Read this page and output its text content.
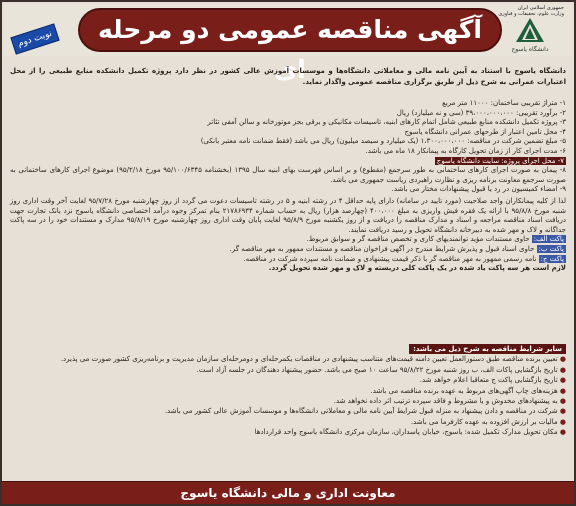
جمهوری اسلامی ایران
وزارت علوم، تحقیقات و فناوری
دانشگاه یاسوج
آگهی مناقصه عمومی دو مرحله ای
نوبت دوم
دانشگاه یاسوج با استناد به آیین نامه مالی و معاملاتی دانشگاه‌ها و موسسات آموزش عالی کشور در نظر دارد پروژه تکمیل دانشکده منابع طبیعی را از محل اعتبارات عمرانی به شرح ذیل از طریق برگزاری مناقصه عمومی واگذار نماید.
۱- متراژ تقریبی ساختمان: ۱۱۰۰۰ متر مربع
۲- برآورد تقریبی: ۳۹،۰۰۰،۰۰۰،۰۰۰ (سی و نه میلیارد) ریال
۳- پروژه تکمیل دانشکده منابع طبیعی شامل اتمام کارهای ابنیه، تاسیسات مکانیکی و برقی بجز موتورخانه و سالن آمفی تئاتر
۴- محل تامین اعتبار از طرحهای عمرانی دانشگاه یاسوج
۵- مبلغ تضمین شرکت در مناقصه: ۱،۳۰۰،۰۰۰،۰۰۰ (یک میلیارد و سیصد میلیون) ریال می باشد (فقط ضمانت نامه معتبر بانکی)
۶- مدت اجرای کار از زمان تحویل کارگاه به پیمانکار ۱۸ ماه می باشد.
۷- محل اجرای پروژه: سایت دانشگاه یاسوج
۸- پیمان به صورت اجرای کارهای ساختمانی به طور سرجمع (مقطوع) و بر اساس فهرست بهای ابنیه سال ۱۳۹۵ (بخشنامه ۹۵/۱۰۰/۶۳۴۵ مورخ ۹۵/۲/۱۸) موضوع اجرای کارهای ساختمانی به صورت سرجمع معاونت برنامه ریزی و نظارت راهبردی ریاست جمهوری می باشد.
۹- امضاء کمیسیون در رد یا قبول پیشنهادات مختار می باشد.
لذا از کلیه پیمانکاران واجد صلاحیت (مورد تایید در سامانه) دارای پایه حداقل ۴ در رشته ابنیه و ۵ در رشته تاسیسات دعوت می گردد از روز چهارشنبه مورخ ۹۵/۷/۲۸ لغایت آخر وقت اداری روز شنبه مورخ ۹۵/۸/۸ با ارائه یک فقره فیش واریزی به مبلغ ۴۰۰،۰۰۰ (چهارصد هزار) ریال به حساب شماره ۲۱۷۸۶۹۳۴ بنام تمرکز وجوه درآمد اختصاصی دانشگاه یاسوج نزد بانک تجارت جهت دریافت اسناد مناقصه مراجعه و اسناد و مدارک مناقصه را دریافت و از روز یکشنبه مورخ ۹۵/۸/۹ لغایت پایان وقت اداری روز چهارشنبه مورخ ۹۵/۸/۱۹ مدارک و مستندات خود را در سه پاکت جداگانه و لاک و مهر شده به دبیرخانه دانشگاه تحویل و رسید دریافت نمایند.
پاکت الف: حاوی مستندات مؤید توانمندیهای کاری و تخصص مناقصه گر و سوابق مربوط.
پاکت ب: حاوی اسناد قبول و پذیرش شرایط مندرج در آگهی فراخوان مناقصه و مستندات ممهور به مهر مناقصه گر.
پاکت ج: نامه رسمی ممهور به مهر مناقصه گر با ذکر قیمت پیشنهادی و ضمانت نامه سپرده شرکت در مناقصه.
لازم است هر سه پاکت یاد شده در یک پاکت کلی دربسته و لاک و مهر شده تحویل گردد.
سایر شرایط مناقصه به شرح ذیل می باشد:
● تعیین برنده مناقصه طبق دستورالعمل تعیین دامنه قیمت‌های متناسب پیشنهادی در مناقصات یکمرحله‌ای و دومرحله‌ای سازمان مدیریت و برنامه‌ریزی کشور صورت می پذیرد.
● تاریخ بازگشایی پاکات الف، ب روز شنبه مورخ ۹۵/۸/۲۲ ساعت ۱۰ صبح می باشد. حضور پیشنهاد دهندگان در جلسه آزاد است.
● تاریخ بازگشایی پاکت ج متعاقبا اعلام خواهد شد.
● هزینه‌های چاپ آگهی‌های مربوط به عهده برنده مناقصه می باشد.
● به پیشنهادهای مخدوش و یا مشروط و فاقد سپرده ترتیب اثر داده نخواهد شد.
● شرکت در مناقصه و دادن پیشنهاد به منزله قبول شرایط آیین نامه مالی و معاملاتی دانشگاه‌ها و موسسات آموزش عالی کشور می باشد.
● مالیات بر ارزش افزوده به عهده کارفرما می باشد.
● مکان تحویل مدارک تکمیل شده: یاسوج، خیابان پاسداران، سازمان مرکزی دانشگاه یاسوج واحد قراردادها
معاونت اداری و مالی دانشگاه یاسوج
